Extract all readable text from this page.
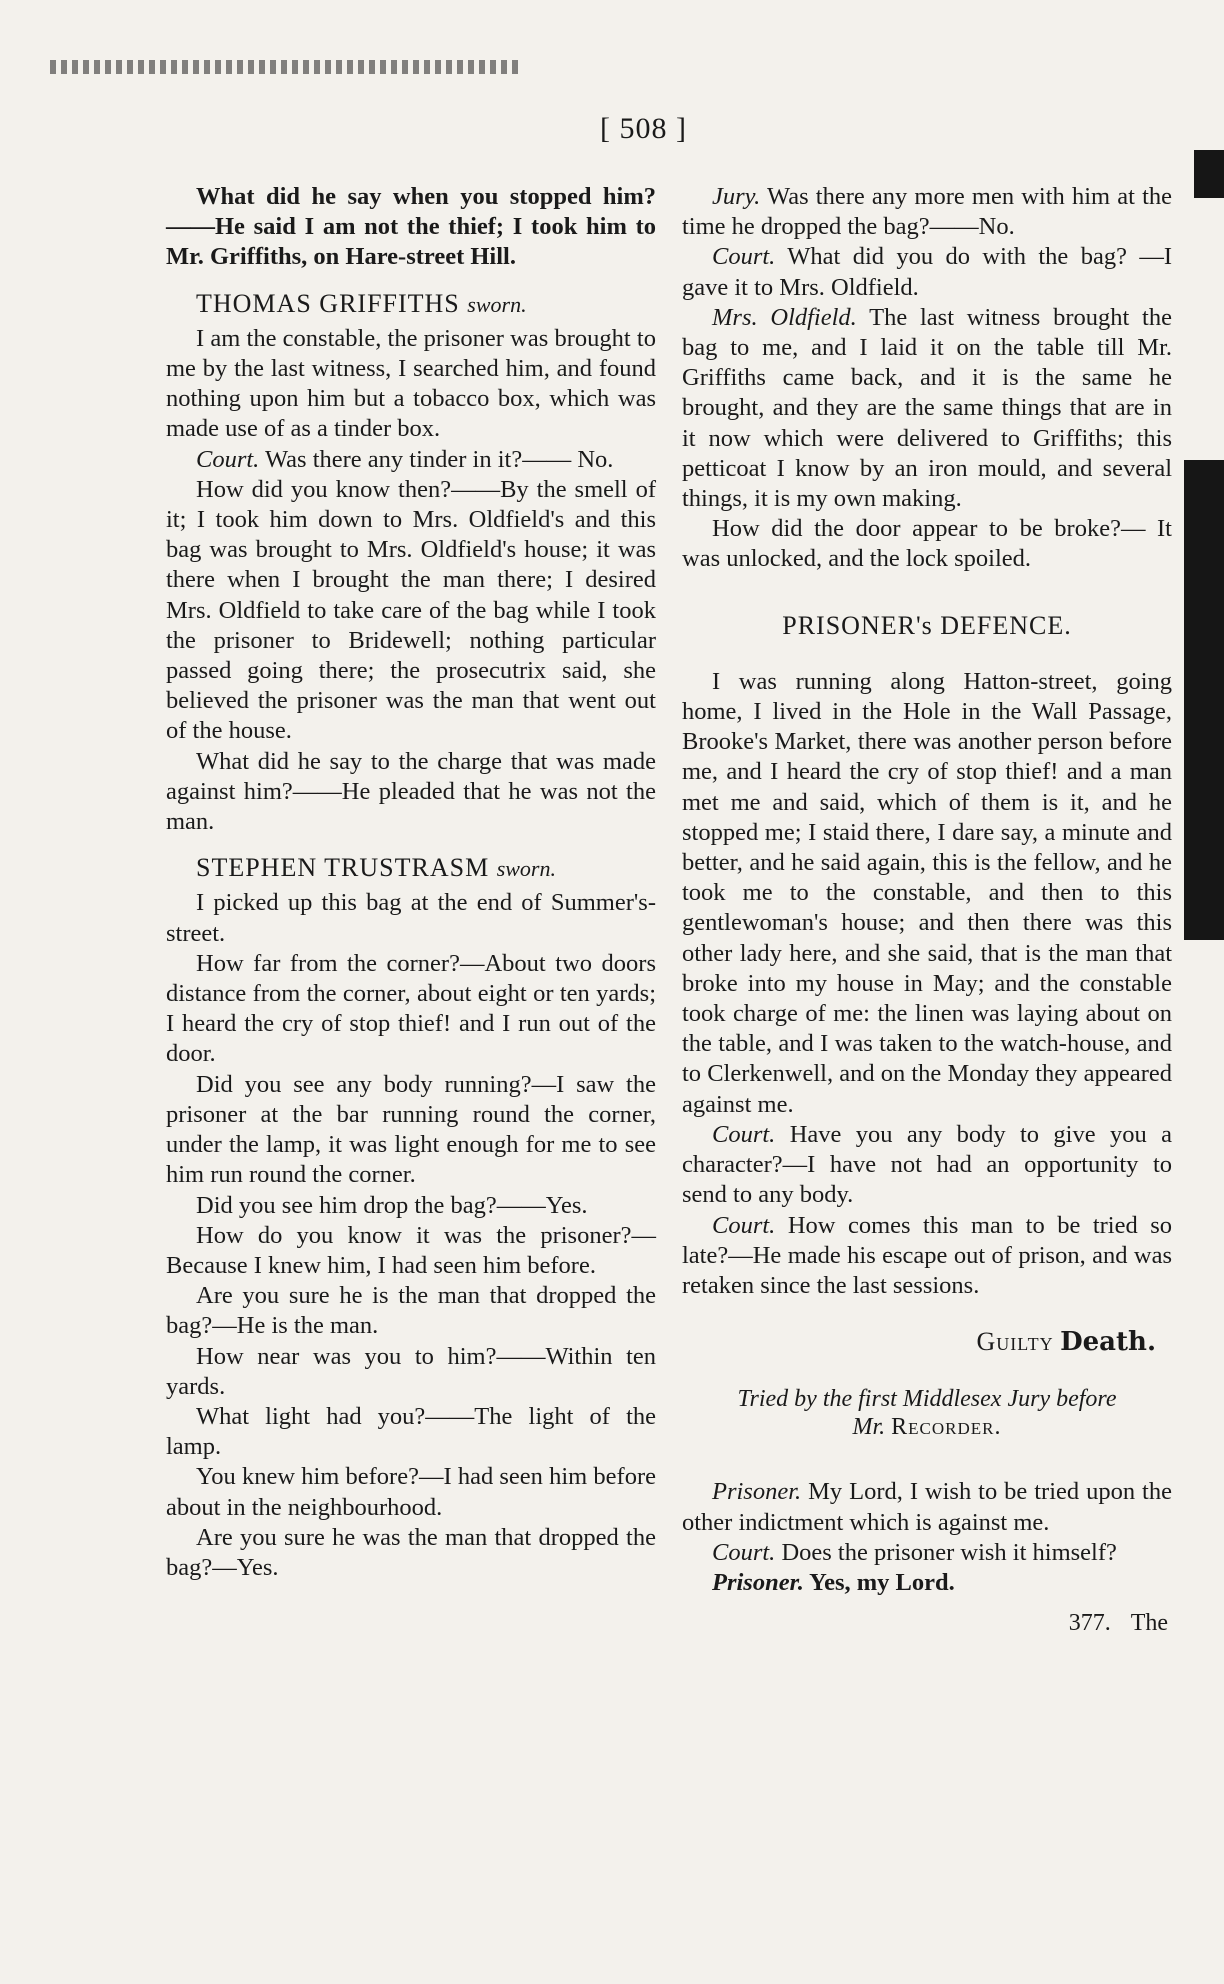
[ 508 ]

What did he say when you stopped him? ——He said I am not the thief; I took him to Mr. Griffiths, on Hare-street Hill.

THOMAS GRIFFITHS sworn.

I am the constable, the prisoner was brought to me by the last witness, I searched him, and found nothing upon him but a tobacco box, which was made use of as a tinder box.

Court. Was there any tinder in it?—— No.

How did you know then?——By the smell of it; I took him down to Mrs. Oldfield's and this bag was brought to Mrs. Oldfield's house; it was there when I brought the man there; I desired Mrs. Oldfield to take care of the bag while I took the prisoner to Bridewell; nothing particular passed going there; the prosecutrix said, she believed the prisoner was the man that went out of the house.

What did he say to the charge that was made against him?——He pleaded that he was not the man.

STEPHEN TRUSTRASM sworn.

I picked up this bag at the end of Summer's-street.

How far from the corner?—About two doors distance from the corner, about eight or ten yards; I heard the cry of stop thief! and I run out of the door.

Did you see any body running?—I saw the prisoner at the bar running round the corner, under the lamp, it was light enough for me to see him run round the corner.

Did you see him drop the bag?——Yes.

How do you know it was the prisoner?— Because I knew him, I had seen him before.

Are you sure he is the man that dropped the bag?—He is the man.

How near was you to him?——Within ten yards.

What light had you?——The light of the lamp.

You knew him before?—I had seen him before about in the neighbourhood.

Are you sure he was the man that dropped the bag?—Yes.

Jury. Was there any more men with him at the time he dropped the bag?——No.

Court. What did you do with the bag? —I gave it to Mrs. Oldfield.

Mrs. Oldfield. The last witness brought the bag to me, and I laid it on the table till Mr. Griffiths came back, and it is the same he brought, and they are the same things that are in it now which were delivered to Griffiths; this petticoat I know by an iron mould, and several things, it is my own making.

How did the door appear to be broke?— It was unlocked, and the lock spoiled.

PRISONER's DEFENCE.

I was running along Hatton-street, going home, I lived in the Hole in the Wall Passage, Brooke's Market, there was another person before me, and I heard the cry of stop thief! and a man met me and said, which of them is it, and he stopped me; I staid there, I dare say, a minute and better, and he said again, this is the fellow, and he took me to the constable, and then to this gentlewoman's house; and then there was this other lady here, and she said, that is the man that broke into my house in May; and the constable took charge of me: the linen was laying about on the table, and I was taken to the watch-house, and to Clerkenwell, and on the Monday they appeared against me.

Court. Have you any body to give you a character?—I have not had an opportunity to send to any body.

Court. How comes this man to be tried so late?—He made his escape out of prison, and was retaken since the last sessions.

Guilty Death.
Tried by the first Middlesex Jury before
Mr. Recorder.

Prisoner. My Lord, I wish to be tried upon the other indictment which is against me.

Court. Does the prisoner wish it himself?

Prisoner. Yes, my Lord.

377. The
